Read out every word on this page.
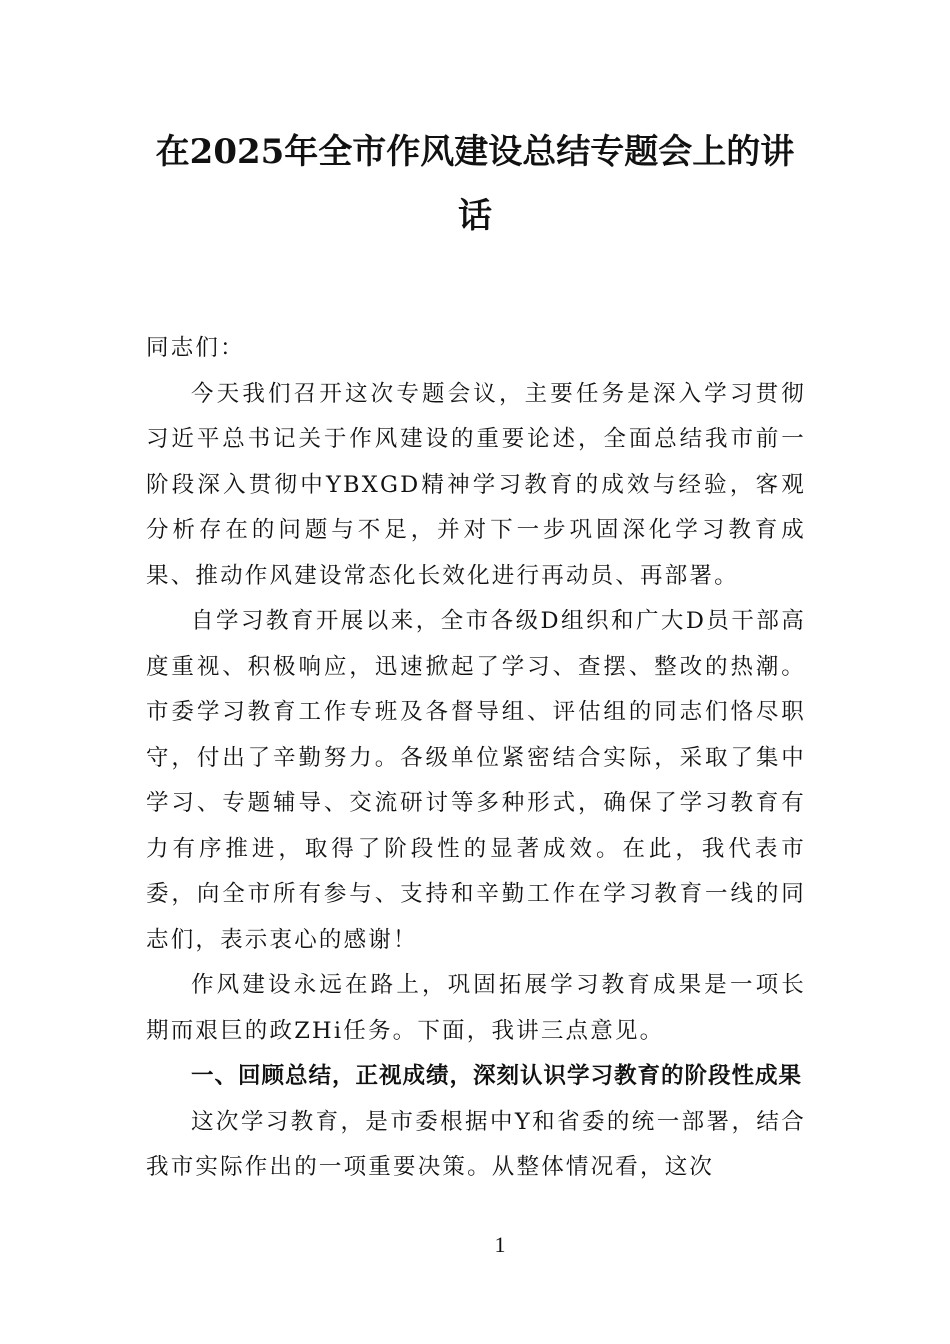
在2025年全市作风建设总结专题会上的讲话

同志们：

今天我们召开这次专题会议，主要任务是深入学习贯彻习近平总书记关于作风建设的重要论述，全面总结我市前一阶段深入贯彻中YBXGD精神学习教育的成效与经验，客观分析存在的问题与不足，并对下一步巩固深化学习教育成果、推动作风建设常态化长效化进行再动员、再部署。

自学习教育开展以来，全市各级D组织和广大D员干部高度重视、积极响应，迅速掀起了学习、查摆、整改的热潮。市委学习教育工作专班及各督导组、评估组的同志们恪尽职守，付出了辛勤努力。各级单位紧密结合实际，采取了集中学习、专题辅导、交流研讨等多种形式，确保了学习教育有力有序推进，取得了阶段性的显著成效。在此，我代表市委，向全市所有参与、支持和辛勤工作在学习教育一线的同志们，表示衷心的感谢！

作风建设永远在路上，巩固拓展学习教育成果是一项长期而艰巨的政ZHi任务。下面，我讲三点意见。

一、回顾总结，正视成绩，深刻认识学习教育的阶段性成果

这次学习教育，是市委根据中Y和省委的统一部署，结合我市实际作出的一项重要决策。从整体情况看，这次

1
